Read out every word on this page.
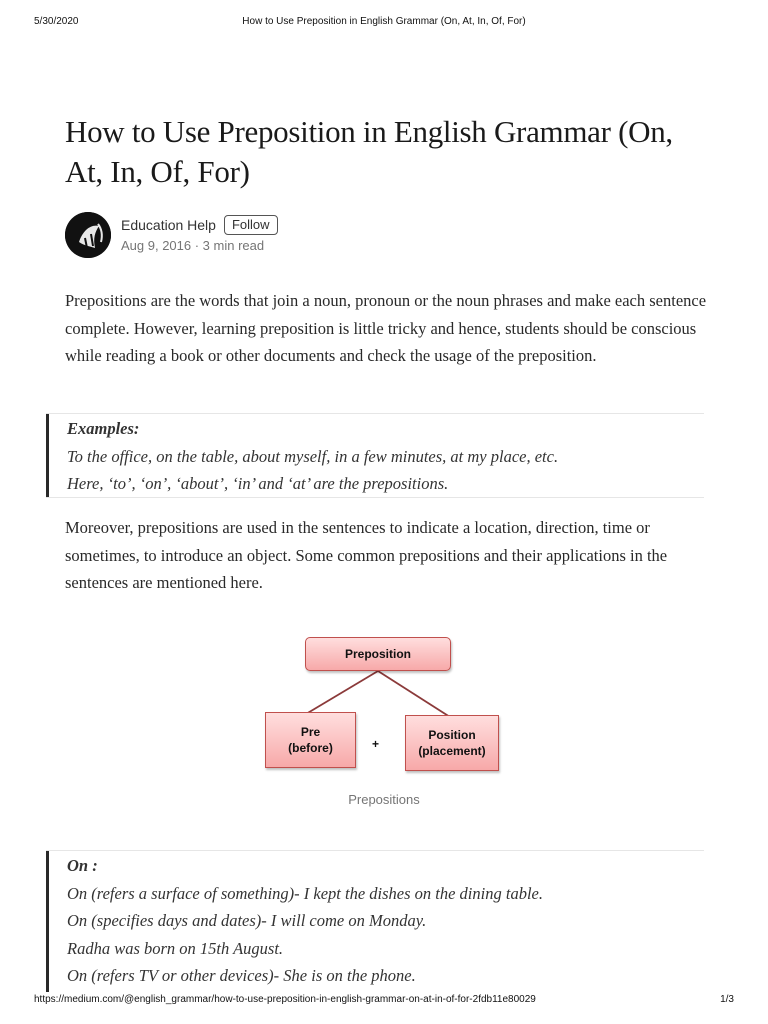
5/30/2020	How to Use Preposition in English Grammar (On, At, In, Of, For)
How to Use Preposition in English Grammar (On, At, In, Of, For)
Education Help	Follow
Aug 9, 2016 · 3 min read

Prepositions are the words that join a noun, pronoun or the noun phrases and make each sentence complete. However, learning preposition is little tricky and hence, students should be conscious while reading a book or other documents and check the usage of the preposition.

Examples:
To the office, on the table, about myself, in a few minutes, at my place, etc.
Here, ‘to’, ‘on’, ‘about’, ‘in’ and ‘at’ are the prepositions.

Moreover, prepositions are used in the sentences to indicate a location, direction, time or sometimes, to introduce an object. Some common prepositions and their applications in the sentences are mentioned here.

Preposition
Pre
(before)	+
Position
(placement)
Prepositions
On :
On (refers a surface of something)- I kept the dishes on the dining table.
On (specifies days and dates)- I will come on Monday.
Radha was born on 15th August.
On (refers TV or other devices)- She is on the phone.
https://medium.com/@english_grammar/how-to-use-preposition-in-english-grammar-on-at-in-of-for-2fdb11e80029	1/3
